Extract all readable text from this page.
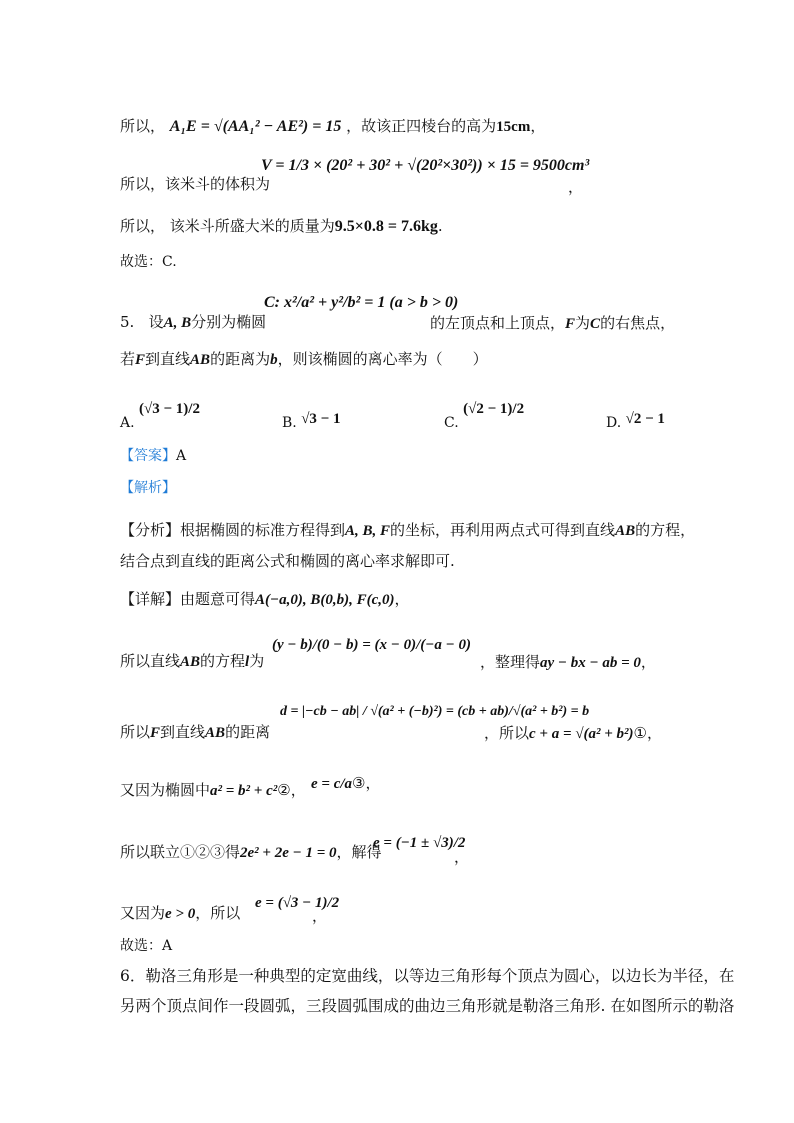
所以， A₁E = √(AA₁² − AE²) = 15 ，故该正四棱台的高为15cm，
所以，该米斗的体积为
V = 1/3 × (20² + 30² + √(20²×30²)) × 15 = 9500cm³
，
所以， 该米斗所盛大米的质量为9.5×0.8 = 7.6kg.
故选：C.
5. 设A, B分别为椭圆
C: x²/a² + y²/b² = 1 (a > b > 0)
的左顶点和上顶点，F为C的右焦点，
若F到直线AB的距离为b，则该椭圆的离心率为（　　）
A. (√3 − 1)/2
B. √3 − 1	C. (√2 − 1)/2
D. √2 − 1
【答案】A
【解析】
【分析】根据椭圆的标准方程得到A, B, F的坐标，再利用两点式可得到直线AB的方程，
结合点到直线的距离公式和椭圆的离心率求解即可.
【详解】由题意可得A(−a,0), B(0,b), F(c,0)，
所以直线AB的方程l为
(y − b)/(0 − b) = (x − 0)/(−a − 0)
，整理得ay − bx − ab = 0，
所以F到直线AB的距离
d = |−cb − ab| / √(a² + (−b)²) = (cb + ab)/√(a² + b²) = b
，所以c + a = √(a² + b²)①，
又因为椭圆中a² = b² + c²②， e = c/a③，
所以联立①②③得2e² + 2e − 1 = 0，解得
e = (−1 ± √3)/2
，
又因为e > 0，所以
e = (√3 − 1)/2
，
故选：A
6．勒洛三角形是一种典型的定宽曲线，以等边三角形每个顶点为圆心，以边长为半径，在
另两个顶点间作一段圆弧，三段圆弧围成的曲边三角形就是勒洛三角形. 在如图所示的勒洛
